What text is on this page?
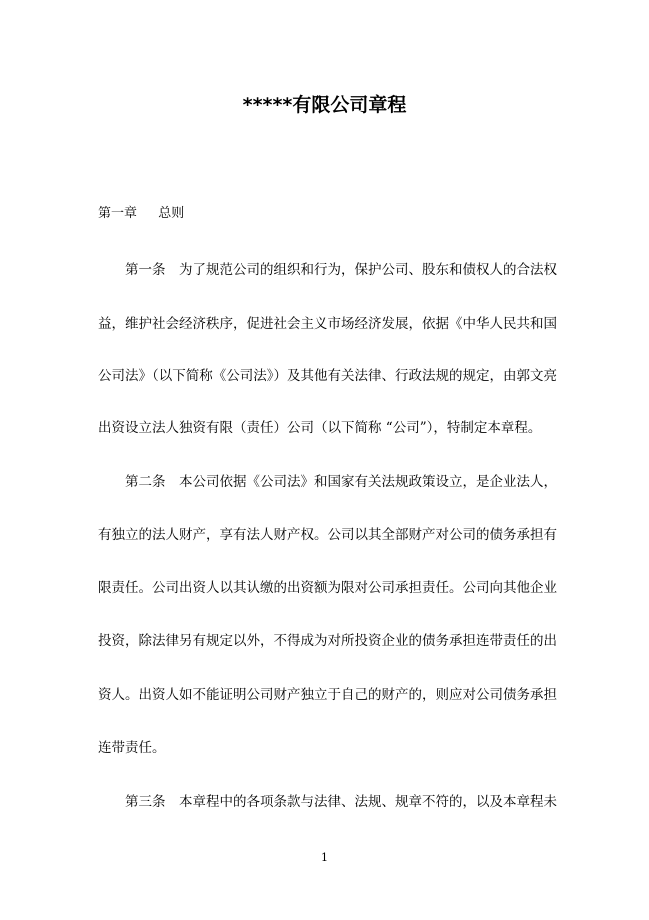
*****有限公司章程
第一章　  总则
第一条　为了规范公司的组织和行为，保护公司、股东和债权人的合法权
益，维护社会经济秩序，促进社会主义市场经济发展，依据《中华人民共和国
公司法》（以下简称《公司法》）及其他有关法律、行政法规的规定，由郭文亮
出资设立法人独资有限（责任）公司（以下简称 “公司”），特制定本章程。
第二条　本公司依据《公司法》和国家有关法规政策设立，是企业法人，
有独立的法人财产，享有法人财产权。公司以其全部财产对公司的债务承担有
限责任。公司出资人以其认缴的出资额为限对公司承担责任。公司向其他企业
投资，除法律另有规定以外，不得成为对所投资企业的债务承担连带责任的出
资人。出资人如不能证明公司财产独立于自己的财产的，则应对公司债务承担
连带责任。
第三条　本章程中的各项条款与法律、法规、规章不符的，以及本章程未
1
